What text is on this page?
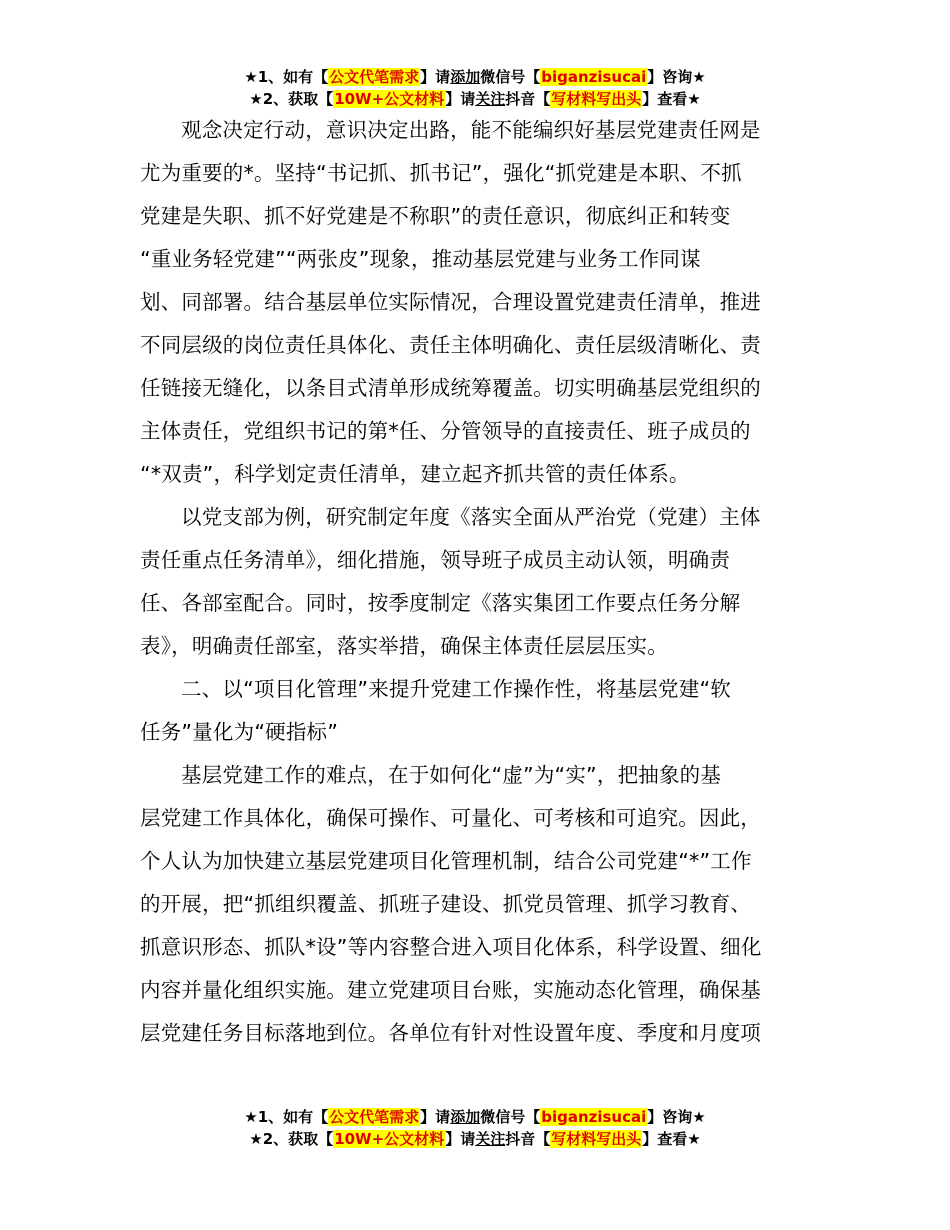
★1、如有【公文代笔需求】请添加微信号【biganzisucai】咨询★
★2、获取【10W+公文材料】请关注抖音【写材料写出头】查看★
观念决定行动，意识决定出路，能不能编织好基层党建责任网是
尤为重要的*。坚持“书记抓、抓书记”，强化“抓党建是本职、不抓
党建是失职、抓不好党建是不称职”的责任意识，彻底纠正和转变
“重业务轻党建”“两张皮”现象，推动基层党建与业务工作同谋
划、同部署。结合基层单位实际情况，合理设置党建责任清单，推进
不同层级的岗位责任具体化、责任主体明确化、责任层级清晰化、责
任链接无缝化，以条目式清单形成统筹覆盖。切实明确基层党组织的
主体责任，党组织书记的第*任、分管领导的直接责任、班子成员的
“*双责”，科学划定责任清单，建立起齐抓共管的责任体系。
以党支部为例，研究制定年度《落实全面从严治党（党建）主体
责任重点任务清单》，细化措施，领导班子成员主动认领，明确责
任、各部室配合。同时，按季度制定《落实集团工作要点任务分解
表》，明确责任部室，落实举措，确保主体责任层层压实。
二、以“项目化管理”来提升党建工作操作性，将基层党建“软
任务”量化为“硬指标”
基层党建工作的难点，在于如何化“虚”为“实”，把抽象的基
层党建工作具体化，确保可操作、可量化、可考核和可追究。因此，
个人认为加快建立基层党建项目化管理机制，结合公司党建“*”工作
的开展，把“抓组织覆盖、抓班子建设、抓党员管理、抓学习教育、
抓意识形态、抓队*设”等内容整合进入项目化体系，科学设置、细化
内容并量化组织实施。建立党建项目台账，实施动态化管理，确保基
层党建任务目标落地到位。各单位有针对性设置年度、季度和月度项
★1、如有【公文代笔需求】请添加微信号【biganzisucai】咨询★
★2、获取【10W+公文材料】请关注抖音【写材料写出头】查看★
